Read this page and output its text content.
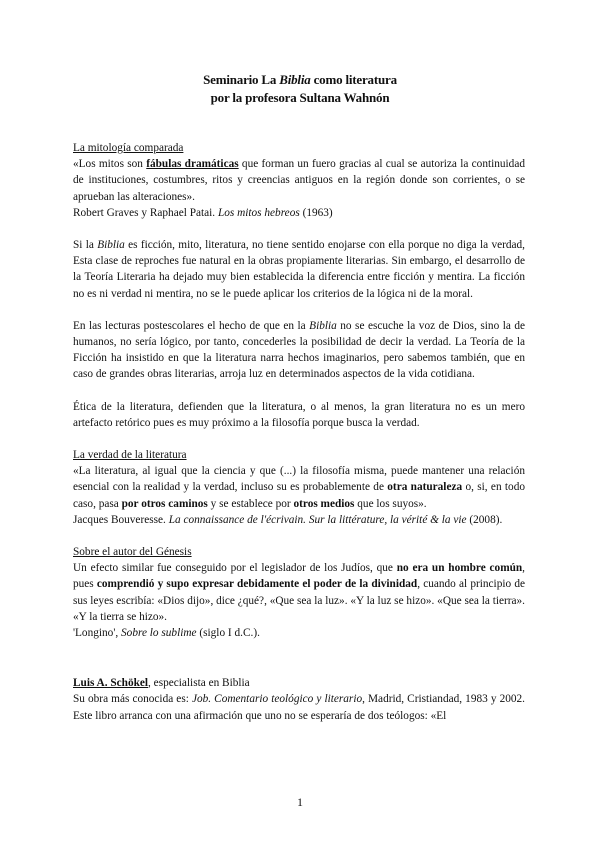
Seminario La Biblia como literatura
por la profesora Sultana Wahnón

La mitología comparada

«Los mitos son fábulas dramáticas que forman un fuero gracias al cual se autoriza la continuidad de instituciones, costumbres, ritos y creencias antiguos en la región donde son corrientes, o se aprueban las alteraciones».

Robert Graves y Raphael Patai. Los mitos hebreos (1963)

Si la Biblia es ficción, mito, literatura, no tiene sentido enojarse con ella porque no diga la verdad, Esta clase de reproches fue natural en la obras propiamente literarias. Sin embargo, el desarrollo de la Teoría Literaria ha dejado muy bien establecida la diferencia entre ficción y mentira. La ficción no es ni verdad ni mentira, no se le puede aplicar los criterios de la lógica ni de la moral.

En las lecturas postescolares el hecho de que en la Biblia no se escuche la voz de Dios, sino la de humanos, no sería lógico, por tanto, concederles la posibilidad de decir la verdad. La Teoría de la Ficción ha insistido en que la literatura narra hechos imaginarios, pero sabemos también, que en caso de grandes obras literarias, arroja luz en determinados aspectos de la vida cotidiana.

Ética de la literatura, defienden que la literatura, o al menos, la gran literatura no es un mero artefacto retórico pues es muy próximo a la filosofía porque busca la verdad.

La verdad de la literatura

«La literatura, al igual que la ciencia y que (...) la filosofía misma, puede mantener una relación esencial con la realidad y la verdad, incluso su es probablemente de otra naturaleza o, si, en todo caso, pasa por otros caminos y se establece por otros medios que los suyos».

Jacques Bouveresse. La connaissance de l'écrivain. Sur la littérature, la vérité & la vie (2008).

Sobre el autor del Génesis

Un efecto similar fue conseguido por el legislador de los Judíos, que no era un hombre común, pues comprendió y supo expresar debidamente el poder de la divinidad, cuando al principio de sus leyes escribía: «Dios dijo», dice ¿qué?, «Que sea la luz». «Y la luz se hizo». «Que sea la tierra». «Y la tierra se hizo».

'Longino', Sobre lo sublime (siglo I d.C.).

Luis A. Schökel, especialista en Biblia

Su obra más conocida es: Job. Comentario teológico y literario, Madrid, Cristiandad, 1983 y 2002. Este libro arranca con una afirmación que uno no se esperaría de dos teólogos: «El

1
